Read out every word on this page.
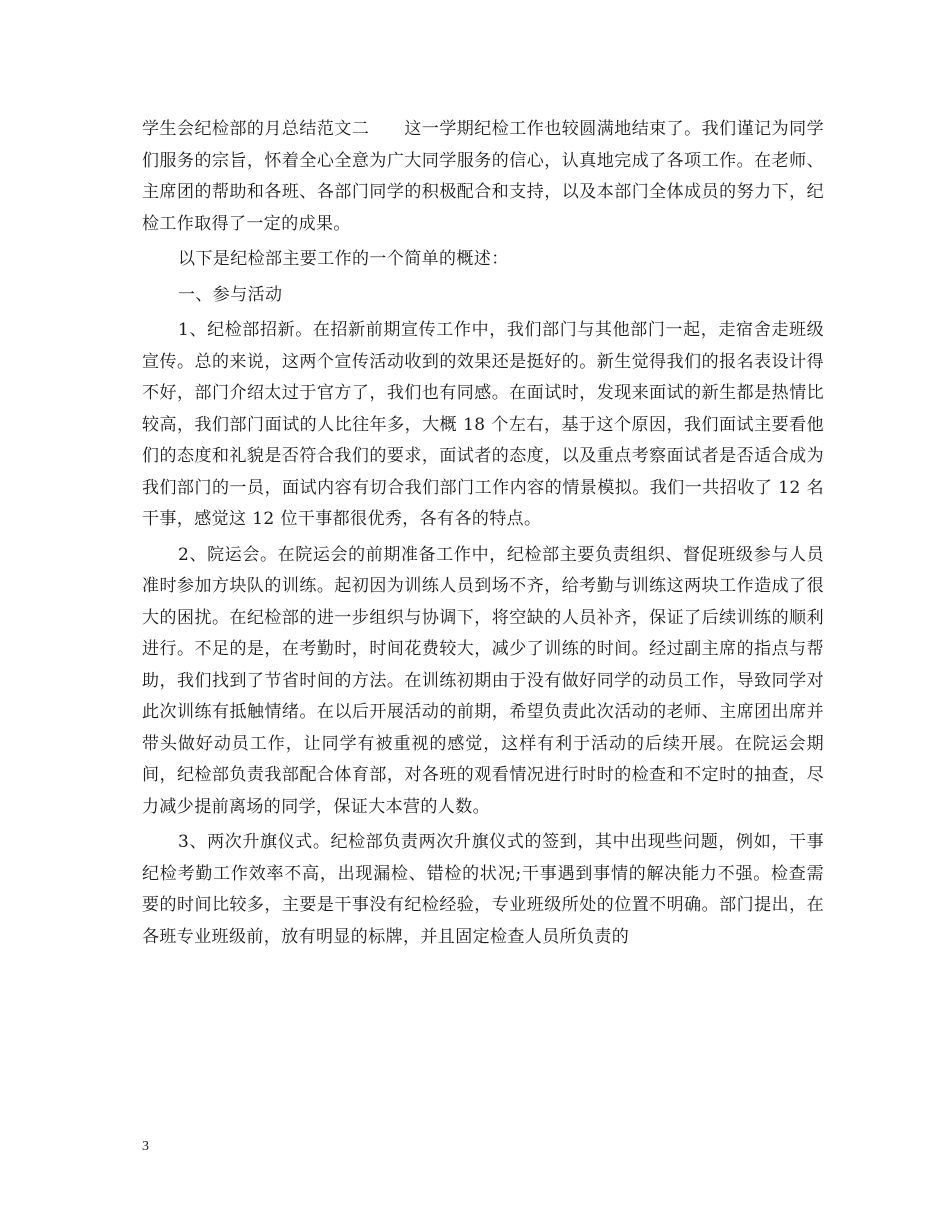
学生会纪检部的月总结范文二　　这一学期纪检工作也较圆满地结束了。我们谨记为同学们服务的宗旨，怀着全心全意为广大同学服务的信心，认真地完成了各项工作。在老师、主席团的帮助和各班、各部门同学的积极配合和支持，以及本部门全体成员的努力下，纪检工作取得了一定的成果。

以下是纪检部主要工作的一个简单的概述：

一、参与活动

1、纪检部招新。在招新前期宣传工作中，我们部门与其他部门一起，走宿舍走班级宣传。总的来说，这两个宣传活动收到的效果还是挺好的。新生觉得我们的报名表设计得不好，部门介绍太过于官方了，我们也有同感。在面试时，发现来面试的新生都是热情比较高，我们部门面试的人比往年多，大概 18 个左右，基于这个原因，我们面试主要看他们的态度和礼貌是否符合我们的要求，面试者的态度，以及重点考察面试者是否适合成为我们部门的一员，面试内容有切合我们部门工作内容的情景模拟。我们一共招收了 12 名干事，感觉这 12 位干事都很优秀，各有各的特点。

2、院运会。在院运会的前期准备工作中，纪检部主要负责组织、督促班级参与人员准时参加方块队的训练。起初因为训练人员到场不齐，给考勤与训练这两块工作造成了很大的困扰。在纪检部的进一步组织与协调下，将空缺的人员补齐，保证了后续训练的顺利进行。不足的是，在考勤时，时间花费较大，减少了训练的时间。经过副主席的指点与帮助，我们找到了节省时间的方法。在训练初期由于没有做好同学的动员工作，导致同学对此次训练有抵触情绪。在以后开展活动的前期，希望负责此次活动的老师、主席团出席并带头做好动员工作，让同学有被重视的感觉，这样有利于活动的后续开展。在院运会期间，纪检部负责我部配合体育部，对各班的观看情况进行时时的检查和不定时的抽查，尽力减少提前离场的同学，保证大本营的人数。

3、两次升旗仪式。纪检部负责两次升旗仪式的签到，其中出现些问题，例如，干事纪检考勤工作效率不高，出现漏检、错检的状况;干事遇到事情的解决能力不强。检查需要的时间比较多，主要是干事没有纪检经验，专业班级所处的位置不明确。部门提出，在各班专业班级前，放有明显的标牌，并且固定检查人员所负责的

3
